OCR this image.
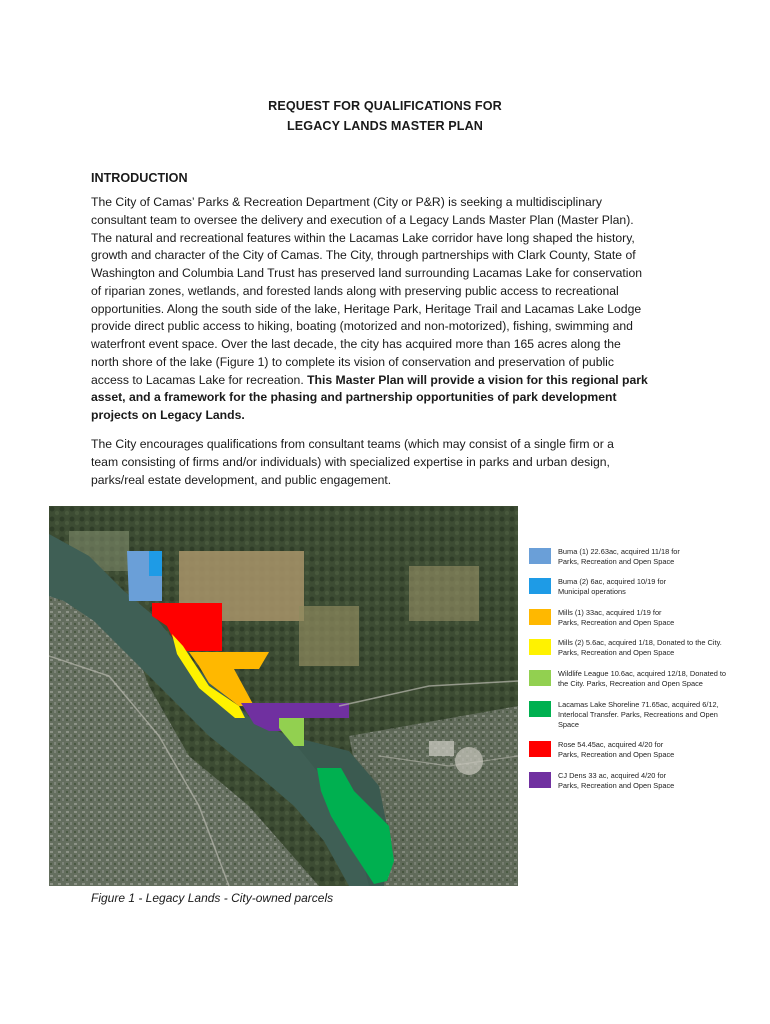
REQUEST FOR QUALIFICATIONS FOR
LEGACY LANDS MASTER PLAN
INTRODUCTION
The City of Camas’ Parks & Recreation Department (City or P&R) is seeking a multidisciplinary
consultant team to oversee the delivery and execution of a Legacy Lands Master Plan (Master Plan).
The natural and recreational features within the Lacamas Lake corridor have long shaped the history,
growth and character of the City of Camas. The City, through partnerships with Clark County, State of
Washington and Columbia Land Trust has preserved land surrounding Lacamas Lake for conservation
of riparian zones, wetlands, and forested lands along with preserving public access to recreational
opportunities. Along the south side of the lake, Heritage Park, Heritage Trail and Lacamas Lake Lodge
provide direct public access to hiking, boating (motorized and non-motorized), fishing, swimming and
waterfront event space. Over the last decade, the city has acquired more than 165 acres along the
north shore of the lake (Figure 1) to complete its vision of conservation and preservation of public
access to Lacamas Lake for recreation. This Master Plan will provide a vision for this regional park
asset, and a framework for the phasing and partnership opportunities of park development
projects on Legacy Lands.
The City encourages qualifications from consultant teams (which may consist of a single firm or a
team consisting of firms and/or individuals) with specialized expertise in parks and urban design,
parks/real estate development, and public engagement.
Buma (1) 22.63ac, acquired 11/18 for
Parks, Recreation and Open Space
Buma (2) 6ac, acquired 10/19 for
Municipal operations
Mills (1) 33ac, acquired 1/19 for
Parks, Recreation and Open Space
Mills (2) 5.6ac, acquired 1/18, Donated to the City.
Parks, Recreation and Open Space
Wildlife League 10.6ac, acquired 12/18, Donated to
the City. Parks, Recreation and Open Space
Lacamas Lake Shoreline 71.65ac, acquired 6/12,
Interlocal Transfer. Parks, Recreations and Open
Space
Rose 54.45ac, acquired 4/20 for
Parks, Recreation and Open Space
CJ Dens 33 ac, acquired 4/20 for
Parks, Recreation and Open Space
Figure 1 - Legacy Lands - City-owned parcels
